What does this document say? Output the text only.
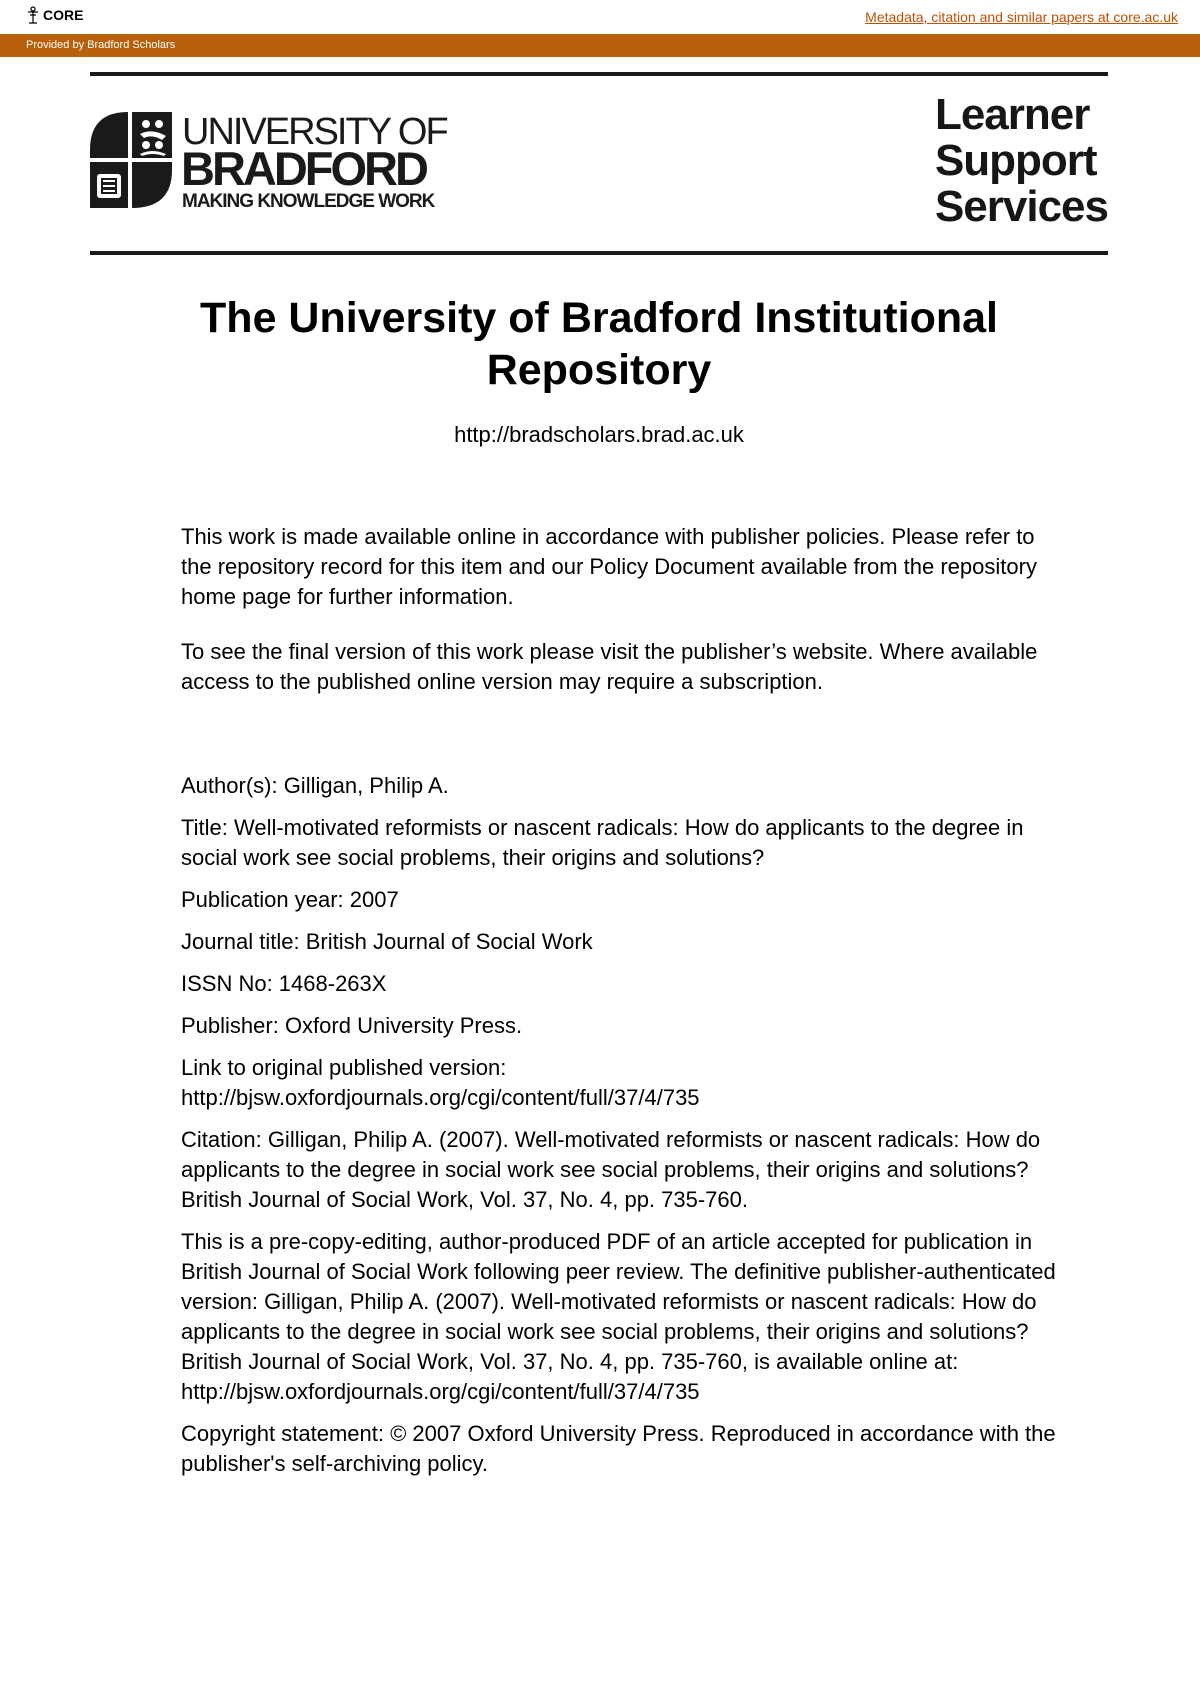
CORE	Metadata, citation and similar papers at core.ac.uk
Provided by Bradford Scholars
UNIVERSITY OF
BRADFORD
MAKING KNOWLEDGE WORK
Learner
Support
Services
The University of Bradford Institutional Repository
http://bradscholars.brad.ac.uk

This work is made available online in accordance with publisher policies. Please refer to the repository record for this item and our Policy Document available from the repository home page for further information.

To see the final version of this work please visit the publisher’s website. Where available access to the published online version may require a subscription.

Author(s): Gilligan, Philip A.

Title: Well-motivated reformists or nascent radicals: How do applicants to the degree in social work see social problems, their origins and solutions?

Publication year: 2007

Journal title: British Journal of Social Work

ISSN No: 1468-263X

Publisher: Oxford University Press.

Link to original published version:
http://bjsw.oxfordjournals.org/cgi/content/full/37/4/735

Citation: Gilligan, Philip A. (2007). Well-motivated reformists or nascent radicals: How do applicants to the degree in social work see social problems, their origins and solutions? British Journal of Social Work, Vol. 37, No. 4, pp. 735-760.

This is a pre-copy-editing, author-produced PDF of an article accepted for publication in British Journal of Social Work following peer review. The definitive publisher-authenticated version: Gilligan, Philip A. (2007). Well-motivated reformists or nascent radicals: How do applicants to the degree in social work see social problems, their origins and solutions? British Journal of Social Work, Vol. 37, No. 4, pp. 735-760, is available online at: http://bjsw.oxfordjournals.org/cgi/content/full/37/4/735

Copyright statement: © 2007 Oxford University Press. Reproduced in accordance with the publisher's self-archiving policy.
